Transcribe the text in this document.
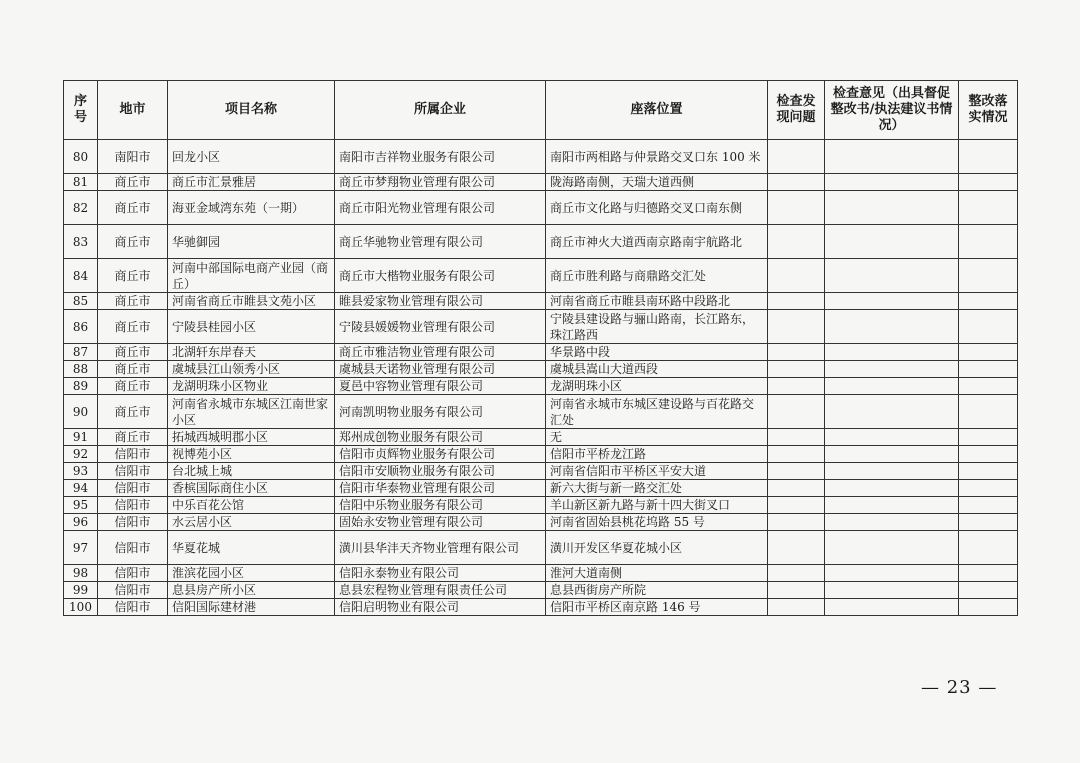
序号	地市	项目名称	所属企业	座落位置	检查发现问题	检查意见（出具督促整改书/执法建议书情况）	整改落实情况
80	南阳市	回龙小区	南阳市吉祥物业服务有限公司	南阳市两相路与仲景路交叉口东 100 米			
81	商丘市	商丘市汇景雅居	商丘市梦翔物业管理有限公司	陇海路南侧，天瑞大道西侧			
82	商丘市	海亚金域湾东苑（一期）	商丘市阳光物业管理有限公司	商丘市文化路与归德路交叉口南东侧			
83	商丘市	华驰御园	商丘华驰物业管理有限公司	商丘市神火大道西南京路南宇航路北			
84	商丘市	河南中部国际电商产业园（商丘）	商丘市大楷物业服务有限公司	商丘市胜利路与商鼎路交汇处			
85	商丘市	河南省商丘市睢县文苑小区	睢县爱家物业管理有限公司	河南省商丘市睢县南环路中段路北			
86	商丘市	宁陵县桂园小区	宁陵县媛媛物业管理有限公司	宁陵县建设路与骊山路南，长江路东，珠江路西			
87	商丘市	北湖轩东岸春天	商丘市雅洁物业管理有限公司	华景路中段			
88	商丘市	虞城县江山领秀小区	虞城县天诺物业管理有限公司	虞城县嵩山大道西段			
89	商丘市	龙湖明珠小区物业	夏邑中容物业管理有限公司	龙湖明珠小区			
90	商丘市	河南省永城市东城区江南世家小区	河南凯明物业服务有限公司	河南省永城市东城区建设路与百花路交汇处			
91	商丘市	拓城西城明郡小区	郑州成创物业服务有限公司	无			
92	信阳市	视博苑小区	信阳市贞辉物业服务有限公司	信阳市平桥龙江路			
93	信阳市	台北城上城	信阳市安顺物业服务有限公司	河南省信阳市平桥区平安大道			
94	信阳市	香槟国际商住小区	信阳市华泰物业管理有限公司	新六大街与新一路交汇处			
95	信阳市	中乐百花公馆	信阳中乐物业服务有限公司	羊山新区新九路与新十四大街叉口			
96	信阳市	水云居小区	固始永安物业管理有限公司	河南省固始县桃花坞路 55 号			
97	信阳市	华夏花城	潢川县华沣天齐物业管理有限公司	潢川开发区华夏花城小区			
98	信阳市	淮滨花园小区	信阳永泰物业有限公司	淮河大道南侧			
99	信阳市	息县房产所小区	息县宏程物业管理有限责任公司	息县西街房产所院			
100	信阳市	信阳国际建材港	信阳启明物业有限公司	信阳市平桥区南京路 146 号			
— 23 —
